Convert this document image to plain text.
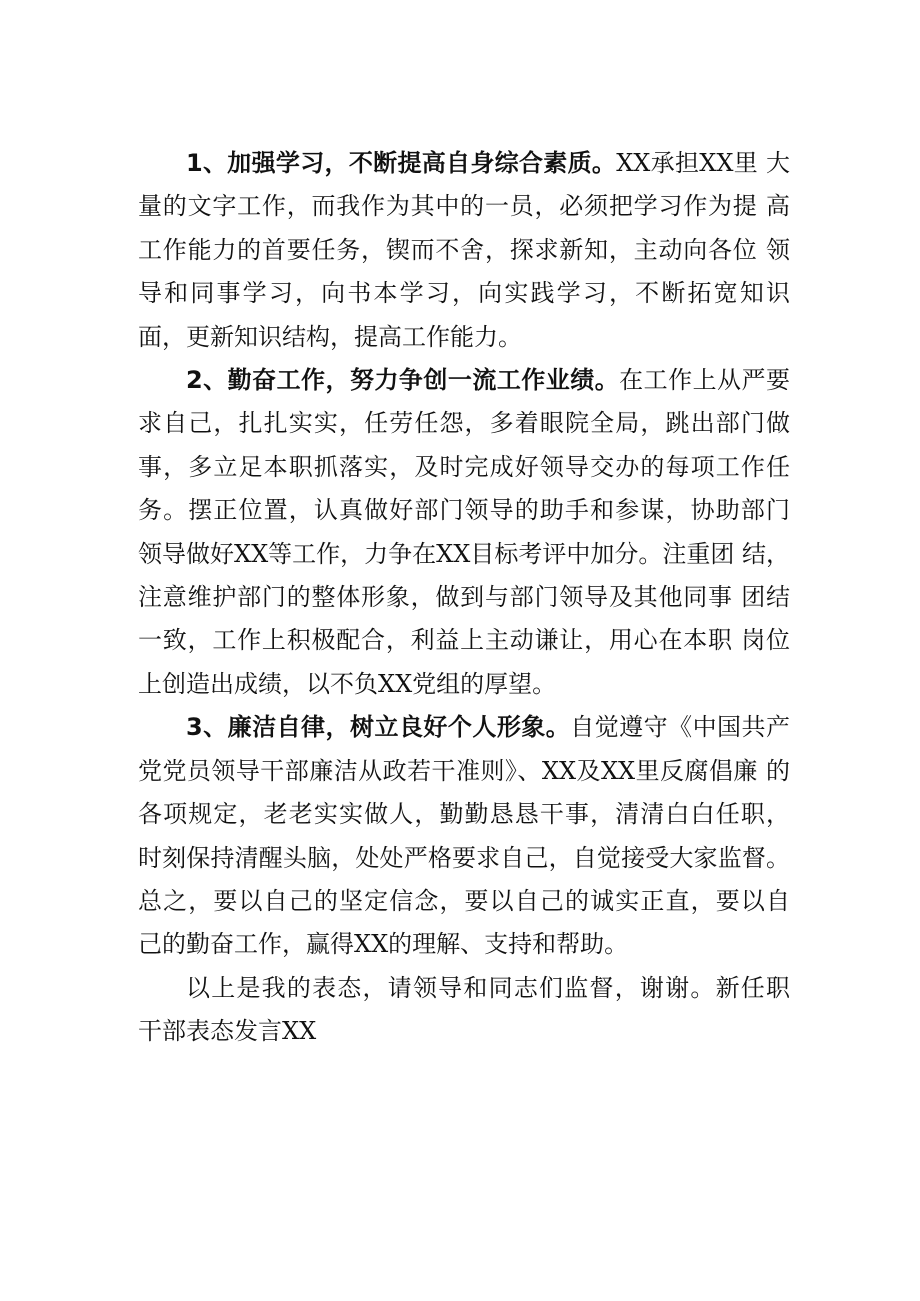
1、加强学习，不断提高自身综合素质。XX承担XX里 大量的文字工作，而我作为其中的一员，必须把学习作为提 高工作能力的首要任务，锲而不舍，探求新知，主动向各位 领导和同事学习，向书本学习，向实践学习，不断拓宽知识 面，更新知识结构，提高工作能力。

2、勤奋工作，努力争创一流工作业绩。在工作上从严要 求自己，扎扎实实，任劳任怨，多着眼院全局，跳出部门做 事，多立足本职抓落实，及时完成好领导交办的每项工作任 务。摆正位置，认真做好部门领导的助手和参谋，协助部门 领导做好XX等工作，力争在XX目标考评中加分。注重团 结，注意维护部门的整体形象，做到与部门领导及其他同事 团结一致，工作上积极配合，利益上主动谦让，用心在本职 岗位上创造出成绩，以不负XX党组的厚望。

3、廉洁自律，树立良好个人形象。自觉遵守《中国共产 党党员领导干部廉洁从政若干准则》、XX及XX里反腐倡廉 的各项规定，老老实实做人，勤勤恳恳干事，清清白白任职， 时刻保持清醒头脑，处处严格要求自己，自觉接受大家监督。 总之，要以自己的坚定信念，要以自己的诚实正直，要以自 己的勤奋工作，赢得XX的理解、支持和帮助。

以上是我的表态，请领导和同志们监督，谢谢。新任职 干部表态发言XX
